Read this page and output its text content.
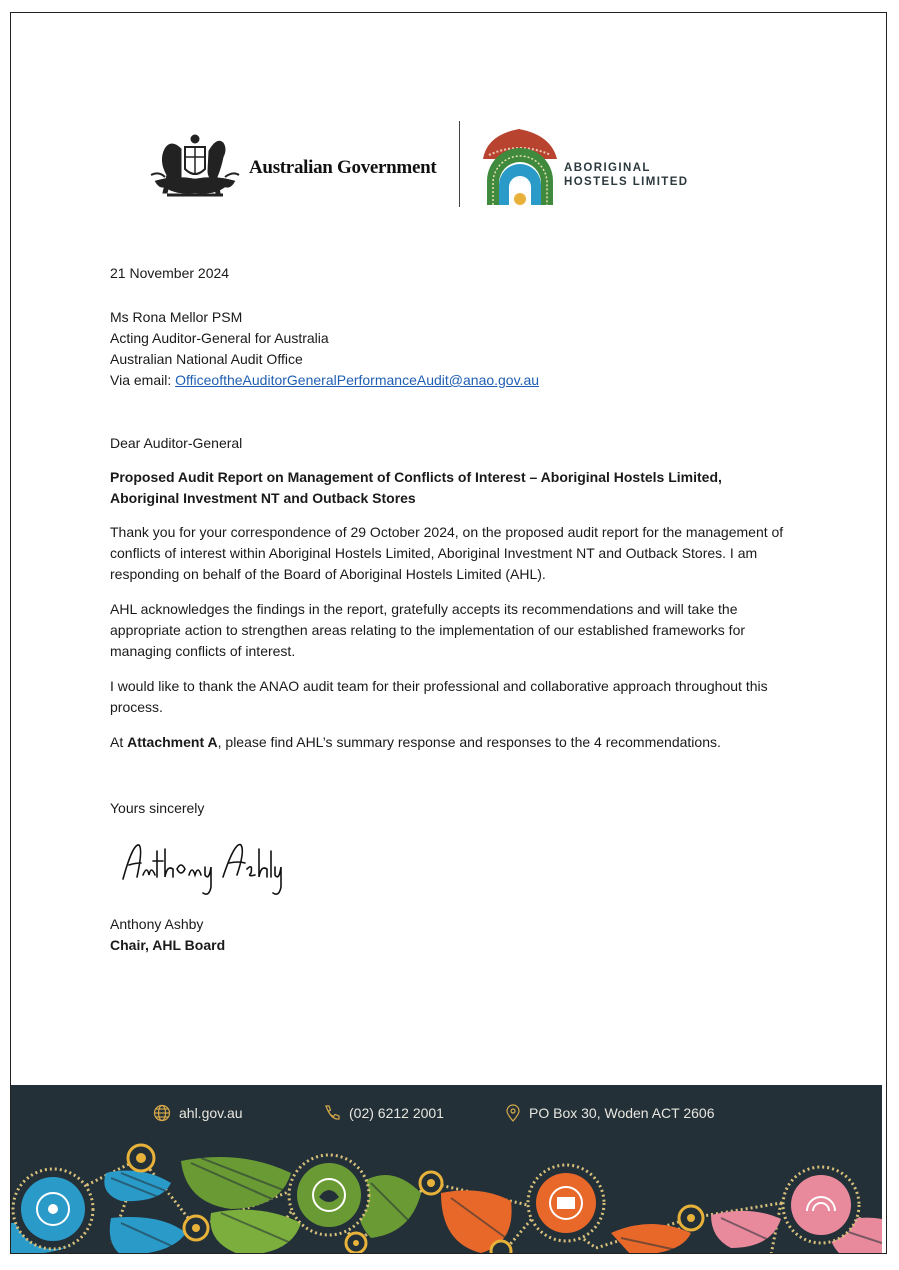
Australian Government	ABORIGINAL
HOSTELS LIMITED
21 November 2024
Ms Rona Mellor PSM
Acting Auditor-General for Australia
Australian National Audit Office
Via email: OfficeoftheAuditorGeneralPerformanceAudit@anao.gov.au
Dear Auditor-General
Proposed Audit Report on Management of Conflicts of Interest – Aboriginal Hostels Limited, Aboriginal Investment NT and Outback Stores
Thank you for your correspondence of 29 October 2024, on the proposed audit report for the management of conflicts of interest within Aboriginal Hostels Limited, Aboriginal Investment NT and Outback Stores. I am responding on behalf of the Board of Aboriginal Hostels Limited (AHL).
AHL acknowledges the findings in the report, gratefully accepts its recommendations and will take the appropriate action to strengthen areas relating to the implementation of our established frameworks for managing conflicts of interest.
I would like to thank the ANAO audit team for their professional and collaborative approach throughout this process.
At Attachment A, please find AHL’s summary response and responses to the 4 recommendations.
Yours sincerely
Anthony Ashby
Chair, AHL Board
ahl.gov.au	(02) 6212 2001	PO Box 30, Woden ACT 2606
